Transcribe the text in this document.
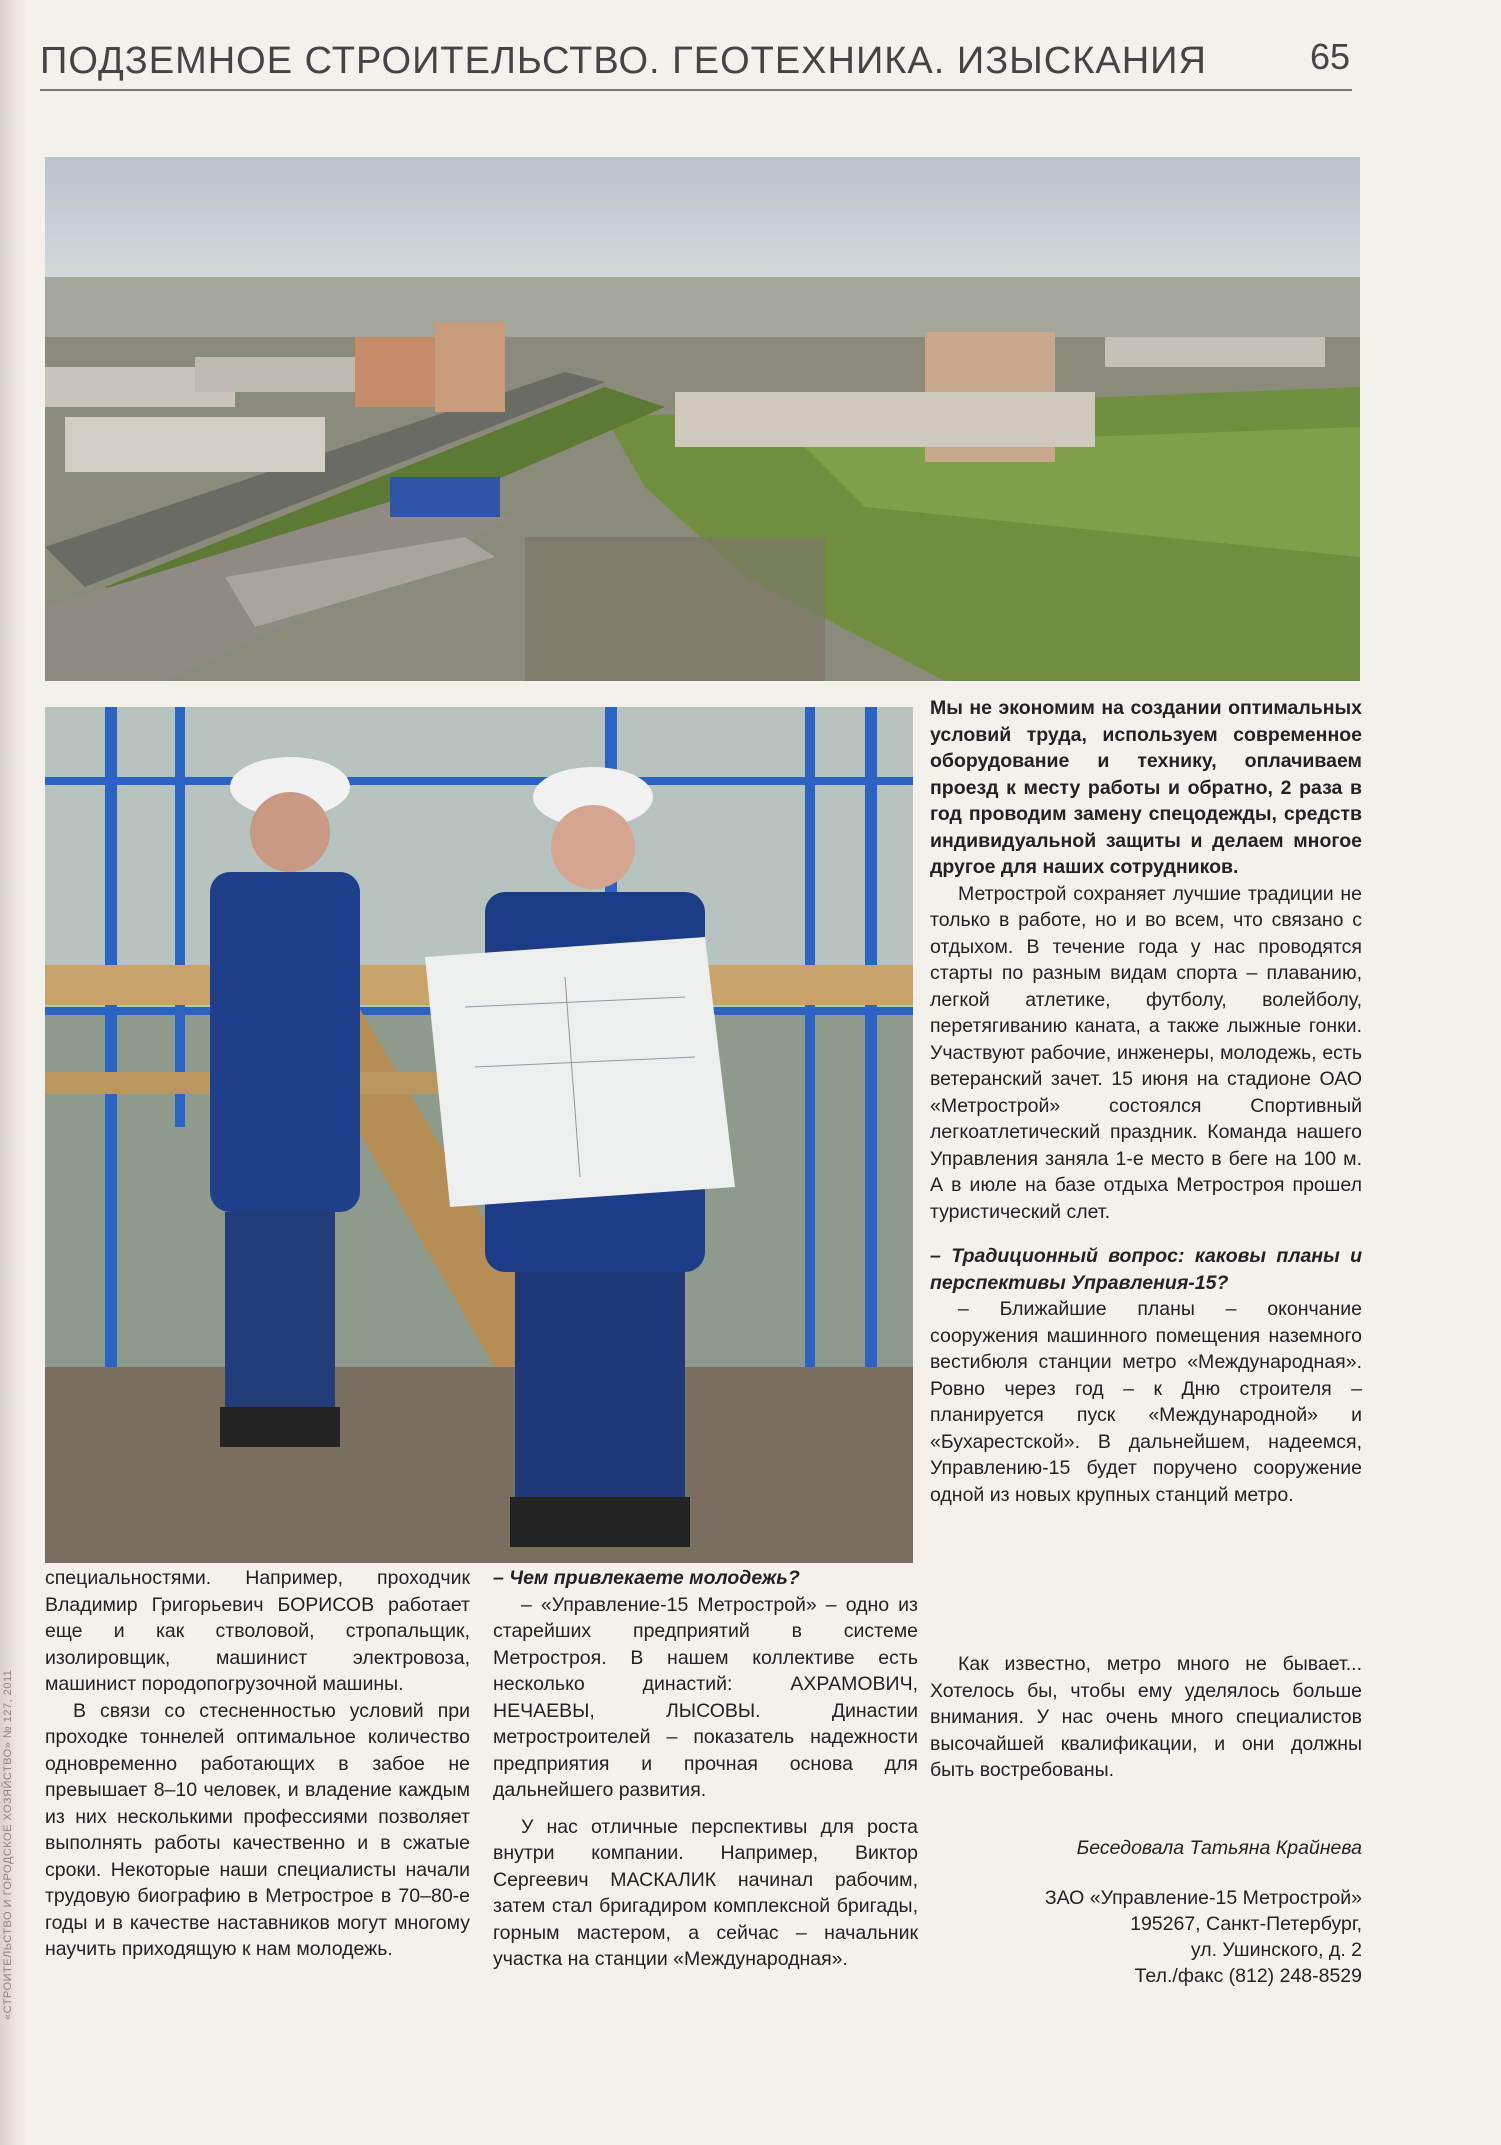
«СТРОИТЕЛЬСТВО И ГОРОДСКОЕ ХОЗЯЙСТВО» № 127, 2011
ПОДЗЕМНОЕ СТРОИТЕЛЬСТВО. ГЕОТЕХНИКА. ИЗЫСКАНИЯ	65

Мы не экономим на создании оптимальных условий труда, используем современное оборудование и технику, оплачиваем проезд к месту работы и обратно, 2 раза в год проводим замену спецодежды, средств индивидуальной защиты и делаем многое другое для наших сотрудников.

Метрострой сохраняет лучшие традиции не только в работе, но и во всем, что связано с отдыхом. В течение года у нас проводятся старты по разным видам спорта – плаванию, легкой атлетике, футболу, волейболу, перетягиванию каната, а также лыжные гонки. Участвуют рабочие, инженеры, молодежь, есть ветеранский зачет. 15 июня на стадионе ОАО «Метрострой» состоялся Спортивный легкоатлетический праздник. Команда нашего Управления заняла 1-е место в беге на 100 м. А в июле на базе отдыха Метростроя прошел туристический слет.

– Традиционный вопрос: каковы планы и перспективы Управления-15?

– Ближайшие планы – окончание сооружения машинного помещения наземного вестибюля станции метро «Международная». Ровно через год – к Дню строителя – планируется пуск «Международной» и «Бухарестской». В дальнейшем, надеемся, Управлению-15 будет поручено сооружение одной из новых крупных станций метро.

специальностями. Например, проходчик Владимир Григорьевич БОРИСОВ работает еще и как стволовой, стропальщик, изолировщик, машинист электровоза, машинист породопогрузочной машины.

В связи со стесненностью условий при проходке тоннелей оптимальное количество одновременно работающих в забое не превышает 8–10 человек, и владение каждым из них несколькими профессиями позволяет выполнять работы качественно и в сжатые сроки. Некоторые наши специалисты начали трудовую биографию в Метрострое в 70–80-е годы и в качестве наставников могут многому научить приходящую к нам молодежь.

– Чем привлекаете молодежь?

– «Управление-15 Метрострой» – одно из старейших предприятий в системе Метростроя. В нашем коллективе есть несколько династий: АХРАМОВИЧ, НЕЧАЕВЫ, ЛЫСОВЫ. Династии метростроителей – показатель надежности предприятия и прочная основа для дальнейшего развития.

У нас отличные перспективы для роста внутри компании. Например, Виктор Сергеевич МАСКАЛИК начинал рабочим, затем стал бригадиром комплексной бригады, горным мастером, а сейчас – начальник участка на станции «Международная».

Как известно, метро много не бывает... Хотелось бы, чтобы ему уделялось больше внимания. У нас очень много специалистов высочайшей квалификации, и они должны быть востребованы.

Беседовала Татьяна Крайнева
ЗАО «Управление-15 Метрострой»
195267, Санкт-Петербург,
ул. Ушинского, д. 2
Тел./факс (812) 248-8529
